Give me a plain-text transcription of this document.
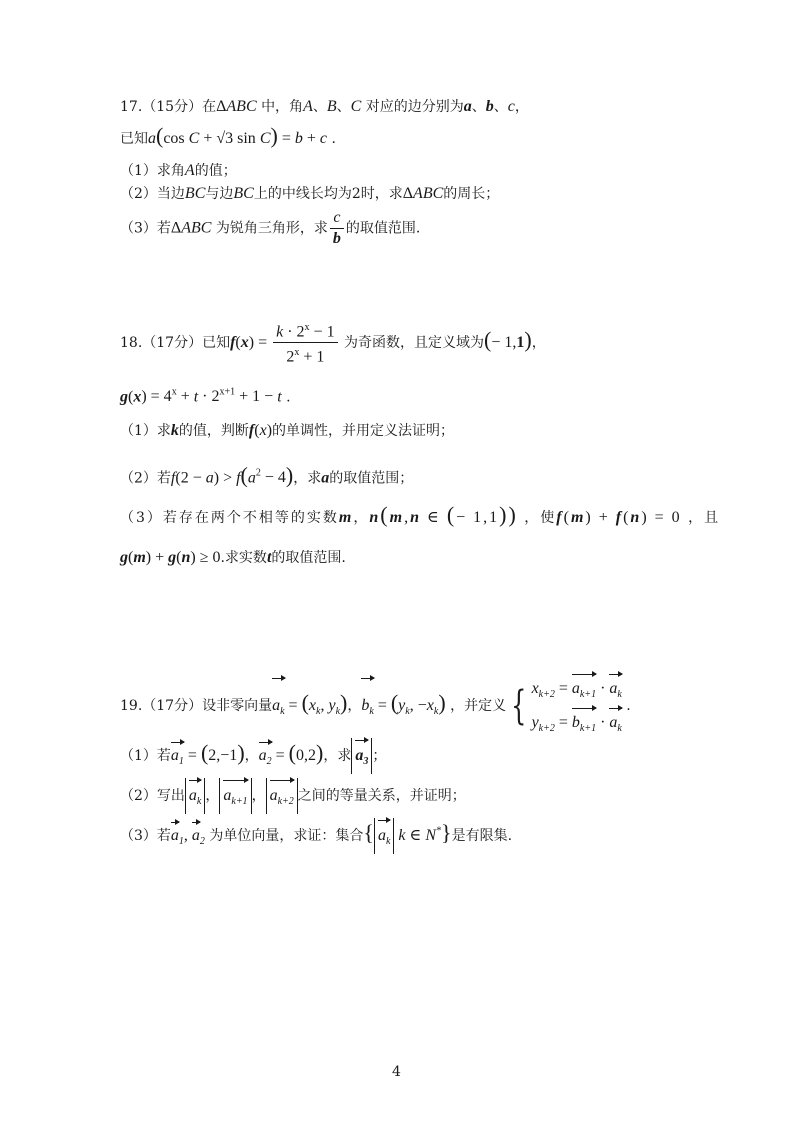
17.（15分）在ΔABC 中，角A、B、C 对应的边分别为a、b、c，
已知a(cos C + √3 sin C) = b + c .
（1）求角A的值；
（2）当边BC与边BC上的中线长均为2时，求ΔABC的周长；
（3）若ΔABC 为锐角三角形，求 $\frac{c}{b}$ 的取值范围.
18.（17分）已知$f(x) = \frac{k \cdot 2^x - 1}{2^x + 1}$ 为奇函数，且定义域为(− 1,1)，
$g(x) = 4^x + t \cdot 2^{x+1} + 1 - t$ .
（1）求k的值，判断f(x)的单调性，并用定义法证明；
（2）若$f(2 - a) > f(a^2 - 4)$，求a的取值范围；
（3）若存在两个不相等的实数m，n(m,n ∈ (− 1,1)) ，使f(m) + f(n) = 0 ，且
g(m) + g(n) ≥ 0.求实数t的取值范围.
19.（17分）设非零向量$a_k = (x_k$, $y_k$)，$b_k = (y_k$, $-x_k$) ，并定义 { $x_{k+2} = a_{k+1} \cdot a_k$
$y_{k+2} = b_{k+1} \cdot a_k$
.
（1）若$a_1 = (2,-1)$，$a_2 = (0,2)$，求 $a_3$ ；
（2）写出 $a_k$ ， $a_{k+1}$ ， $a_{k+2}$ 之间的等量关系，并证明；
（3）若$a_1$, $a_2$ 为单位向量，求证：集合{ $a_k$ k ∈ N*}是有限集.
4
